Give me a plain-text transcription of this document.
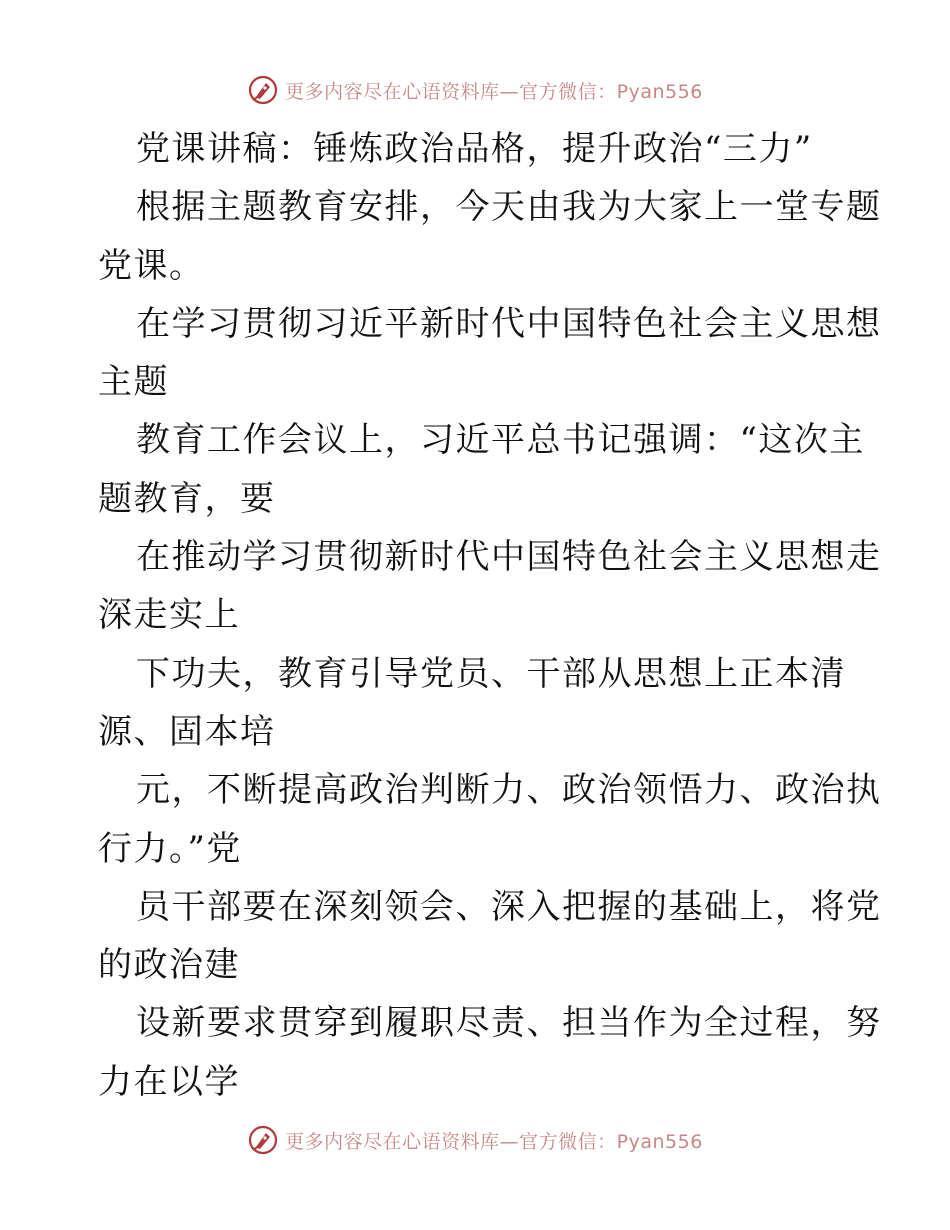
更多内容尽在心语资料库—官方微信：Pyan556
党课讲稿：锤炼政治品格，提升政治“三力”
根据主题教育安排，今天由我为大家上一堂专题
党课。
在学习贯彻习近平新时代中国特色社会主义思想
主题
教育工作会议上，习近平总书记强调：“这次主
题教育，要
在推动学习贯彻新时代中国特色社会主义思想走
深走实上
下功夫，教育引导党员、干部从思想上正本清
源、固本培
元，不断提高政治判断力、政治领悟力、政治执
行力。”党
员干部要在深刻领会、深入把握的基础上，将党
的政治建
设新要求贯穿到履职尽责、担当作为全过程，努
力在以学
更多内容尽在心语资料库—官方微信：Pyan556
